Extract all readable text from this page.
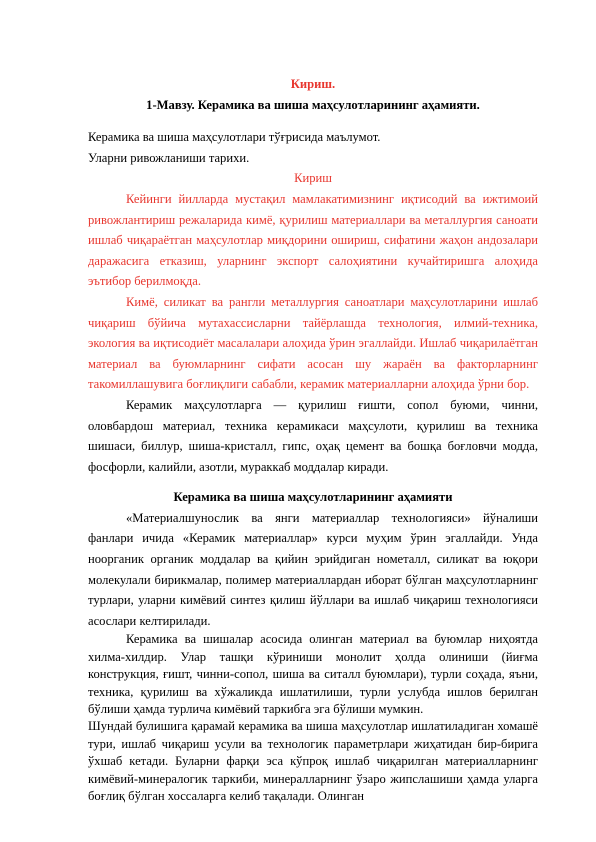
Кириш.

1-Мавзу. Керамика ва шиша маҳсулотларининг аҳамияти.

Керамика ва шиша маҳсулотлари тўғрисида маълумот.

Уларни ривожланиши тарихи.

Кириш

Кейинги йилларда мустақил мамлакатимизнинг иқтисодий ва ижтимоий ривожлантириш режаларида кимё, қурилиш материаллари ва металлургия саноати ишлаб чиқараётган маҳсулотлар миқдорини ошириш, сифатини жаҳон андозалари даражасига етказиш, уларнинг экспорт салоҳиятини кучайтиришга алоҳида эътибор берилмоқда.

Кимё, силикат ва рангли металлургия саноатлари маҳсулотларини ишлаб чиқариш бўйича мутахассисларни тайёрлашда технология, илмий-техника, экология ва иқтисодиёт масалалари алоҳида ўрин эгаллайди. Ишлаб чиқарилаётган материал ва буюмларнинг сифати асосан шу жараён ва факторларнинг такомиллашувига боғлиқлиги сабабли, керамик материалларни алоҳида ўрни бор.

Керамик маҳсулотларга — қурилиш ғишти, сопол буюми, чинни, оловбардош материал, техника керамикаси маҳсулоти, қурилиш ва техника шишаси, биллур, шиша-кристалл, гипс, оҳақ цемент ва бошқа боғловчи модда, фосфорли, калийли, азотли, мураккаб моддалар киради.

Керамика ва шиша маҳсулотларининг аҳамияти

«Материалшунослик ва янги материаллар технологияси» йўналиши фанлари ичида «Керамик материаллар» курси муҳим ўрин эгаллайди. Унда ноорганик органик моддалар ва қийин эрийдиган нометалл, силикат ва юқори молекулали бирикмалар, полимер материаллардан иборат бўлган маҳсулотларнинг турлари, уларни кимёвий синтез қилиш йўллари ва ишлаб чиқариш технологияси асослари келтирилади.

Керамика ва шишалар асосида олинган материал ва буюмлар ниҳоятда хилма-хилдир. Улар ташқи кўриниши монолит ҳолда олиниши (йиғма конструкция, ғишт, чинни-сопол, шиша ва ситалл буюмлари), турли соҳада, яъни, техника, қурилиш ва хўжаликда ишлатилиши, турли услубда ишлов берилган бўлиши ҳамда турлича кимёвий таркибга эга бўлиши мумкин.

Шундай булишига қарамай керамика ва шиша маҳсулотлар ишлатиладиган хомашё тури, ишлаб чиқариш усули ва технологик параметрлари жиҳатидан бир-бирига ўхшаб кетади. Буларни фарқи эса кўпроқ ишлаб чиқарилган материалларнинг кимёвий-минералогик таркиби, минералларнинг ўзаро жипслашиши ҳамда уларга боғлиқ бўлган хоссаларга келиб тақалади. Олинган
